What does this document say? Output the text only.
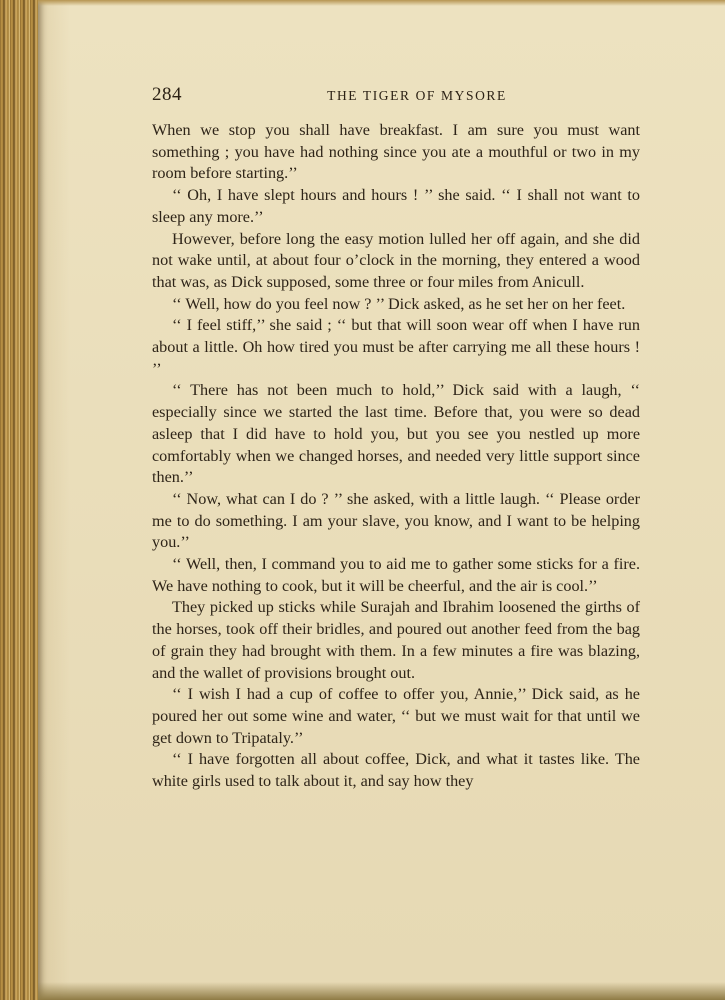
284	THE TIGER OF MYSORE

When we stop you shall have breakfast. I am sure you must want something ; you have had nothing since you ate a mouthful or two in my room before starting.’’

‘‘ Oh, I have slept hours and hours ! ’’ she said. ‘‘ I shall not want to sleep any more.’’

However, before long the easy motion lulled her off again, and she did not wake until, at about four o’clock in the morning, they entered a wood that was, as Dick supposed, some three or four miles from Anicull.

‘‘ Well, how do you feel now ? ’’ Dick asked, as he set her on her feet.

‘‘ I feel stiff,’’ she said ; ‘‘ but that will soon wear off when I have run about a little. Oh how tired you must be after carrying me all these hours ! ’’

‘‘ There has not been much to hold,’’ Dick said with a laugh, ‘‘ especially since we started the last time. Before that, you were so dead asleep that I did have to hold you, but you see you nestled up more comfortably when we changed horses, and needed very little support since then.’’

‘‘ Now, what can I do ? ’’ she asked, with a little laugh. ‘‘ Please order me to do something. I am your slave, you know, and I want to be helping you.’’

‘‘ Well, then, I command you to aid me to gather some sticks for a fire. We have nothing to cook, but it will be cheerful, and the air is cool.’’

They picked up sticks while Surajah and Ibrahim loosened the girths of the horses, took off their bridles, and poured out another feed from the bag of grain they had brought with them. In a few minutes a fire was blazing, and the wallet of provisions brought out.

‘‘ I wish I had a cup of coffee to offer you, Annie,’’ Dick said, as he poured her out some wine and water, ‘‘ but we must wait for that until we get down to Tripataly.’’

‘‘ I have forgotten all about coffee, Dick, and what it tastes like. The white girls used to talk about it, and say how they
